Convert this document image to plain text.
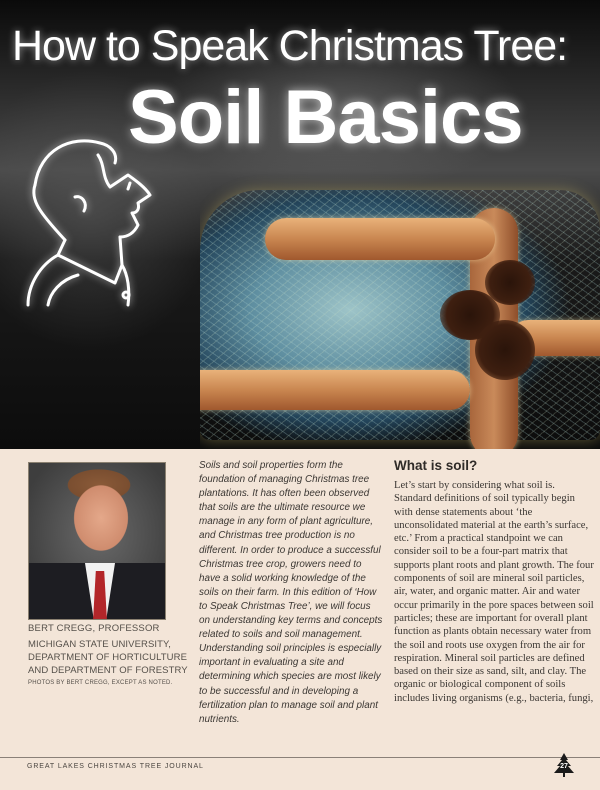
How to Speak Christmas Tree:
Soil Basics
BERT CREGG, PROFESSOR
MICHIGAN STATE UNIVERSITY, DEPARTMENT OF HORTICULTURE AND DEPARTMENT OF FORESTRY
PHOTOS BY BERT CREGG, EXCEPT AS NOTED.

Soils and soil properties form the foundation of managing Christmas tree plantations. It has often been observed that soils are the ultimate resource we manage in any form of plant agriculture, and Christmas tree production is no different. In order to produce a successful Christmas tree crop, growers need to have a solid working knowledge of the soils on their farm. In this edition of ‘How to Speak Christmas Tree’, we will focus on understanding key terms and concepts related to soils and soil management. Understanding soil principles is especially important in evaluating a site and determining which species are most likely to be successful and in developing a fertilization plan to manage soil and plant nutrients.

What is soil?

Let’s start by considering what soil is. Standard definitions of soil typically begin with dense statements about ‘the unconsolidated material at the earth’s surface, etc.’ From a practical standpoint we can consider soil to be a four-part matrix that supports plant roots and plant growth. The four components of soil are mineral soil particles, air, water, and organic matter. Air and water occur primarily in the pore spaces between soil particles; these are important for overall plant function as plants obtain necessary water from the soil and roots use oxygen from the air for respiration. Mineral soil particles are defined based on their size as sand, silt, and clay. The organic or biological component of soils includes living organisms (e.g., bacteria, fungi,

GREAT LAKES CHRISTMAS TREE JOURNAL	27
